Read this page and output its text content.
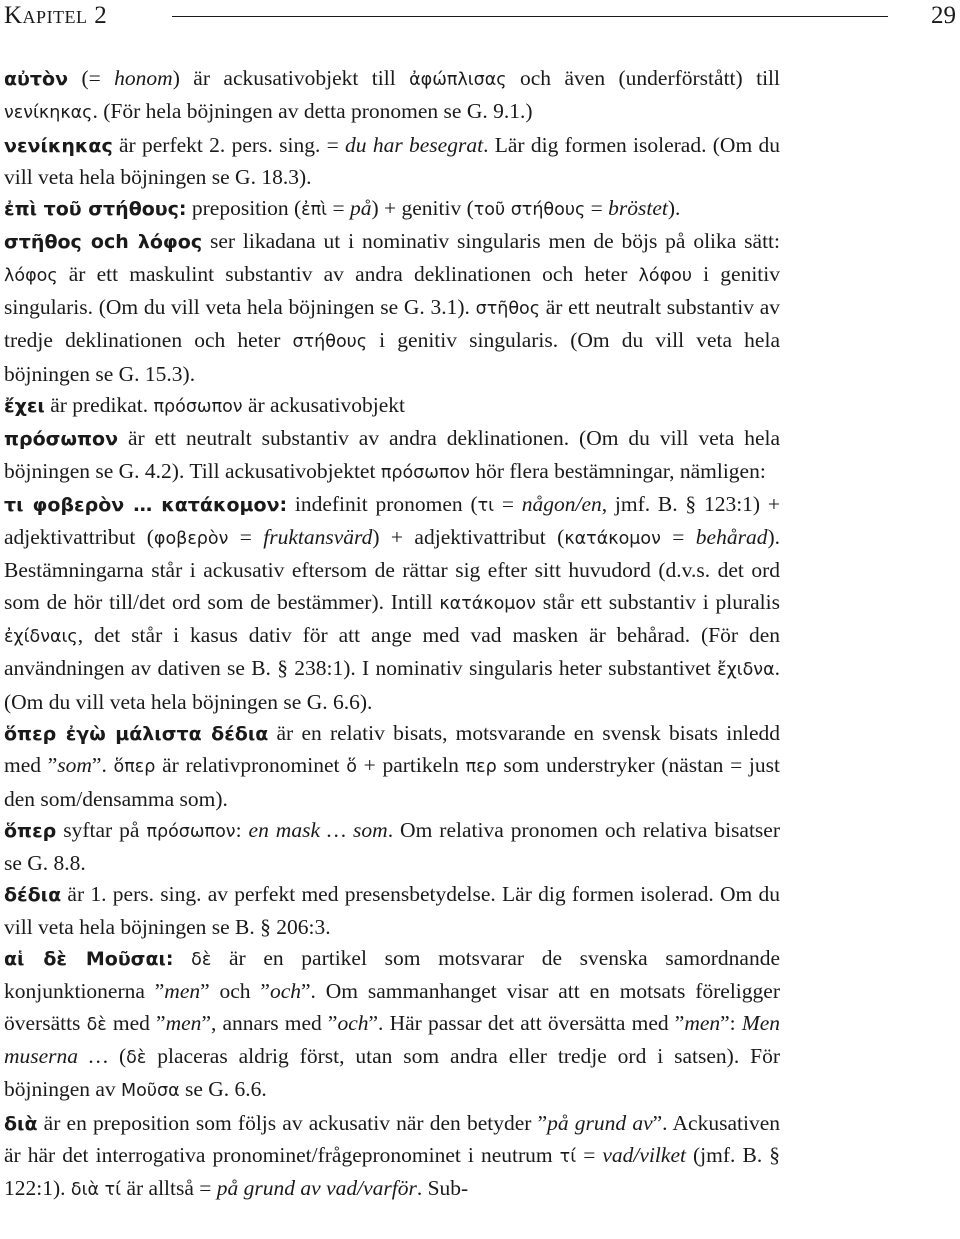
Kapitel 2	29

αὐτὸν (= honom) är ackusativobjekt till ἀφώπλισας och även (underförstått) till νενίκηκας. (För hela böjningen av detta pronomen se G. 9.1.)

νενίκηκας är perfekt 2. pers. sing. = du har besegrat. Lär dig formen isolerad. (Om du vill veta hela böjningen se G. 18.3).

ἐπὶ τοῦ στήθους: preposition (ἐπὶ = på) + genitiv (τοῦ στήθους = bröstet).

στῆθος och λόφος ser likadana ut i nominativ singularis men de böjs på olika sätt: λόφος är ett maskulint substantiv av andra deklinationen och heter λόφου i genitiv singularis. (Om du vill veta hela böjningen se G. 3.1). στῆθος är ett neutralt substantiv av tredje deklinationen och heter στήθους i genitiv singularis. (Om du vill veta hela böjningen se G. 15.3).

ἔχει är predikat. πρόσωπον är ackusativobjekt

πρόσωπον är ett neutralt substantiv av andra deklinationen. (Om du vill veta hela böjningen se G. 4.2). Till ackusativobjektet πρόσωπον hör flera bestämningar, nämligen:

τι φοβερὸν … κατάκομον: indefinit pronomen (τι = någon/en, jmf. B. § 123:1) + adjektivattribut (φοβερὸν = fruktansvärd) + adjektivattribut (κατάκομον = behårad). Bestämningarna står i ackusativ eftersom de rättar sig efter sitt huvudord (d.v.s. det ord som de hör till/det ord som de bestämmer). Intill κατάκομον står ett substantiv i pluralis ἐχίδναις, det står i kasus dativ för att ange med vad masken är behårad. (För den användningen av dativen se B. § 238:1). I nominativ singularis heter substantivet ἔχιδνα. (Om du vill veta hela böjningen se G. 6.6).

ὅπερ ἐγὼ μάλιστα δέδια är en relativ bisats, motsvarande en svensk bisats inledd med ”som”. ὅπερ är relativpronominet ὅ + partikeln περ som understryker (nästan = just den som/densamma som).

ὅπερ syftar på πρόσωπον: en mask … som. Om relativa pronomen och relativa bisatser se G. 8.8.

δέδια är 1. pers. sing. av perfekt med presensbetydelse. Lär dig formen isolerad. Om du vill veta hela böjningen se B. § 206:3.

αἱ δὲ Μοῦσαι: δὲ är en partikel som motsvarar de svenska samordnande konjunktionerna ”men” och ”och”. Om sammanhanget visar att en motsats föreligger översätts δὲ med ”men”, annars med ”och”. Här passar det att översätta med ”men”: Men muserna … (δὲ placeras aldrig först, utan som andra eller tredje ord i satsen). För böjningen av Μοῦσα se G. 6.6.

διὰ är en preposition som följs av ackusativ när den betyder ”på grund av”. Ackusativen är här det interrogativa pronominet/frågepronominet i neutrum τί = vad/vilket (jmf. B. § 122:1). διὰ τί är alltså = på grund av vad/varför. Sub-
